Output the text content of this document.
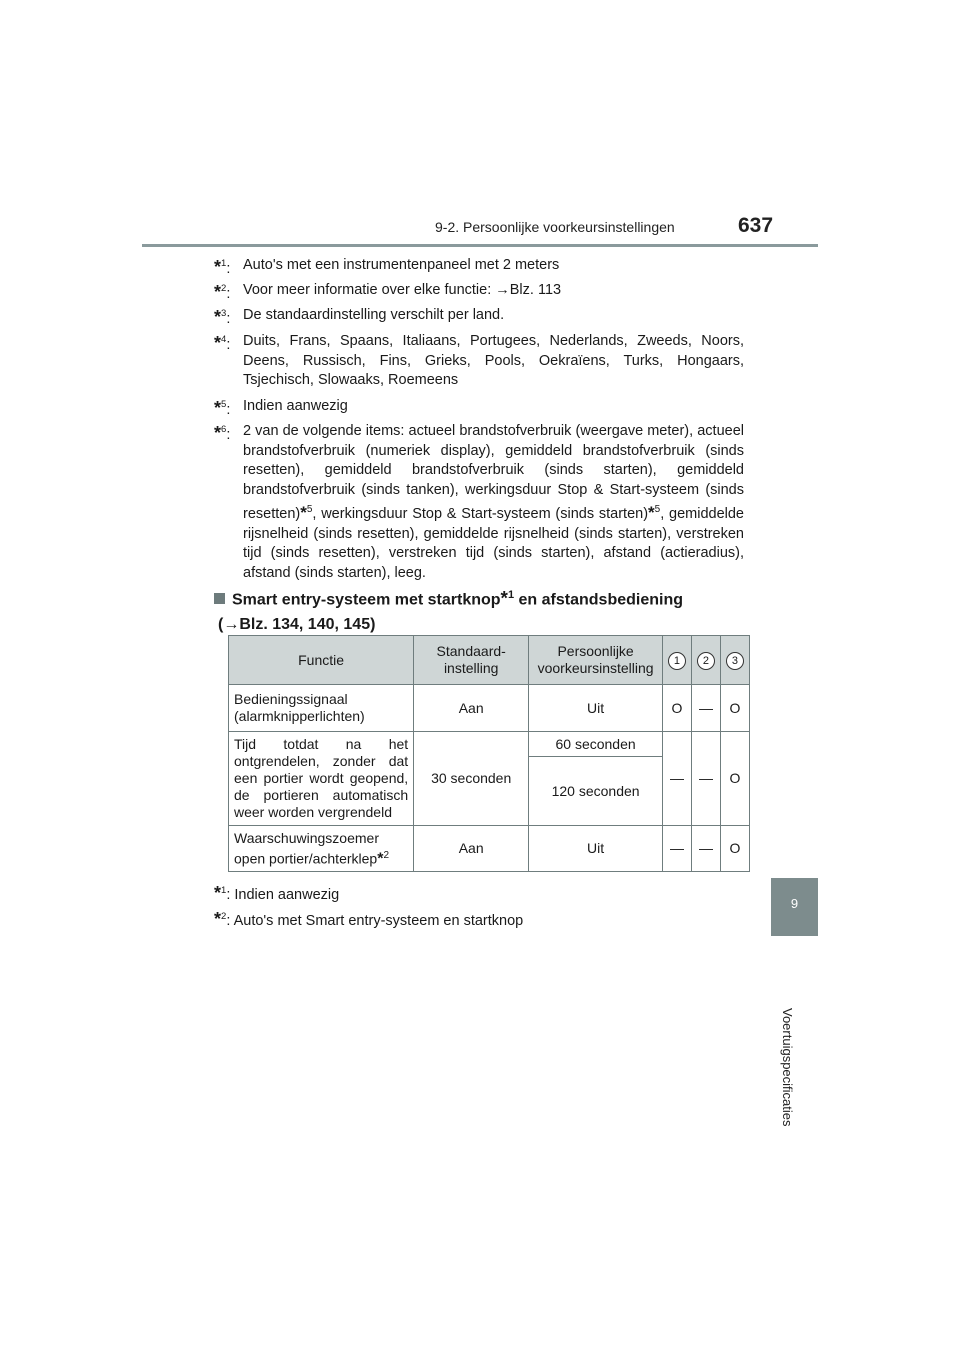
9-2. Persoonlijke voorkeursinstellingen	637
9
Voertuigspecificaties
*$^1$: Auto's met een instrumentenpaneel met 2 meters
*$^2$: Voor meer informatie over elke functie: →Blz. 113
*$^3$: De standaardinstelling verschilt per land.
*$^4$: Duits, Frans, Spaans, Italiaans, Portugees, Nederlands, Zweeds, Noors, Deens, Russisch, Fins, Grieks, Pools, Oekraïens, Turks, Hongaars, Tsjechisch, Slowaaks, Roemeens
*$^5$: Indien aanwezig
*$^6$: 2 van de volgende items: actueel brandstofverbruik (weergave meter), actueel brandstofverbruik (numeriek display), gemiddeld brandstofverbruik (sinds resetten), gemiddeld brandstofverbruik (sinds starten), gemiddeld brandstofverbruik (sinds tanken), werkingsduur Stop & Start-systeem (sinds resetten)*$^5$, werkingsduur Stop & Start-systeem (sinds starten)*$^5$, gemiddelde rijsnelheid (sinds resetten), gemiddelde rijsnelheid (sinds starten), verstreken tijd (sinds resetten), verstreken tijd (sinds starten), afstand (actieradius), afstand (sinds starten), leeg.
Smart entry-systeem met startknop*$^1$ en afstandsbediening
(→Blz. 134, 140, 145)
Functie	Standaard-instelling	Persoonlijke voorkeursinstelling	1	2	3
Bedieningssignaal (alarmknipperlichten)	Aan	Uit	O	—	O
Tijd totdat na het ontgrendelen, zonder dat een portier wordt geopend, de portieren automatisch weer worden vergrendeld	30 seconden	60 seconden	—	—	O
		120 seconden			
Waarschuwingszoemer open portier/achterklep*$^2$	Aan	Uit	—	—	O
*$^1$: Indien aanwezig
*$^2$: Auto's met Smart entry-systeem en startknop
